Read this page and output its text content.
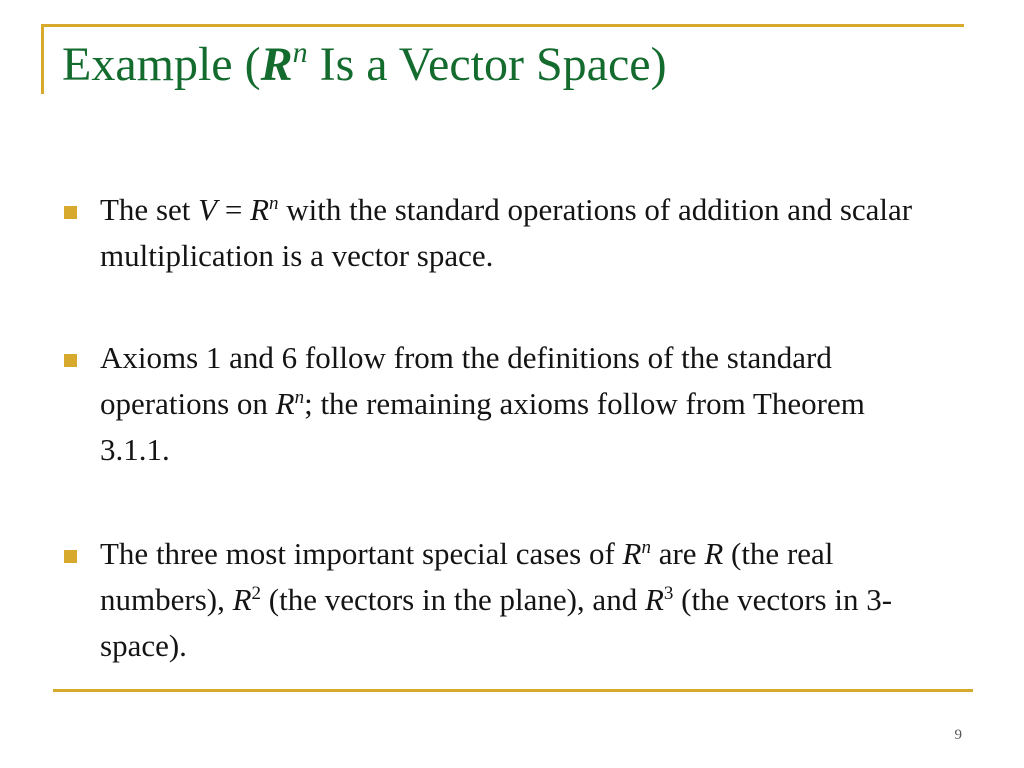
Example ($R^n$ Is a Vector Space)
The set $V = R^n$ with the standard operations of addition and scalar multiplication is a vector space.
Axioms 1 and 6 follow from the definitions of the standard operations on $R^n$; the remaining axioms follow from Theorem 3.1.1.
The three most important special cases of $R^n$ are R (the real numbers), $R^2$ (the vectors in the plane), and $R^3$ (the vectors in 3-space).
9
